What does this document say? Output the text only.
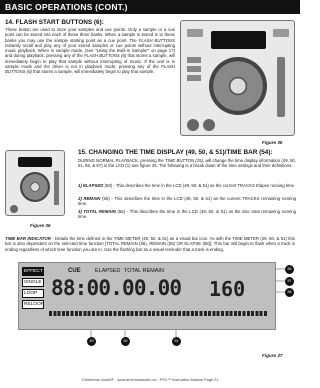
BASIC OPERATIONS (CONT.)
14. FLASH START BUTTONS (6):
These button are used to store your samples and cue points. Only a sample or a cue point can be stored into each of these three banks. When a sample is stored in to these banks you may use the sample starting point as a cue point. The FLASH BUTTONS instantly recall and play any of your stored samples or cue points without interrupting music playback. When in sample mode, (see "Using the Built-in Sampler" on page 17) and during playback, pressing any of the FLASH BUTTONS (6) that stores a sample, will immediately begin to play that sample without interrupting of music. If the unit is in sample mode and the driver is not in playback mode, pressing any of the FLASH BUTTONS (6) that stores a sample, will immediately begin to play that sample.
Figure 35
Figure 36
15. CHANGING THE TIME DISPLAY (49, 50, & 51)/TIME BAR (54):
DURING NORMAL PLAYBACK, pressing the TIME BUTTON (25), will change the time display information (49, 50, 51, 55, & 57) in the LCD (1) see figure 35. The following is a break down of the time settings and their definitions:
1) ELAPSED (58) - This describes the time in the LCD (49, 50, & 51) as the current TRACKS Elapse running time.
2) REMAIN (55) - This describes the time in the LCD (49, 50, & 51) as the current TRACKS remaining running time.
3) TOTAL REMAIN (55) - This describes the time in the LCD (49, 50, & 51) as the disc total remaining running time.
TIME BAR INDICATOR - Details the time defined in the TIME METER (49, 50, & 51) as a visual bar icon. As with the TIME METER (49, 50, & 51) this bar is also dependent on the selected time function [TOTAL REMAIN (55), REMAIN (55) OR ELAPSE (58)]. This bar will begin to flash when a track is ending regardless of which time function you are in. Use the flashing bar as a visual reminder that a track is ending.
EFFECT
SINGLE
LOOP
RELOOP
CUE	ELAPSED TOTAL REMAIN
88:00.00.00 160
56
57
58
49	50	51
Figure 37
©American Audio® - www.americanaudio.us - PSX™ Instruction Manual Page 21
